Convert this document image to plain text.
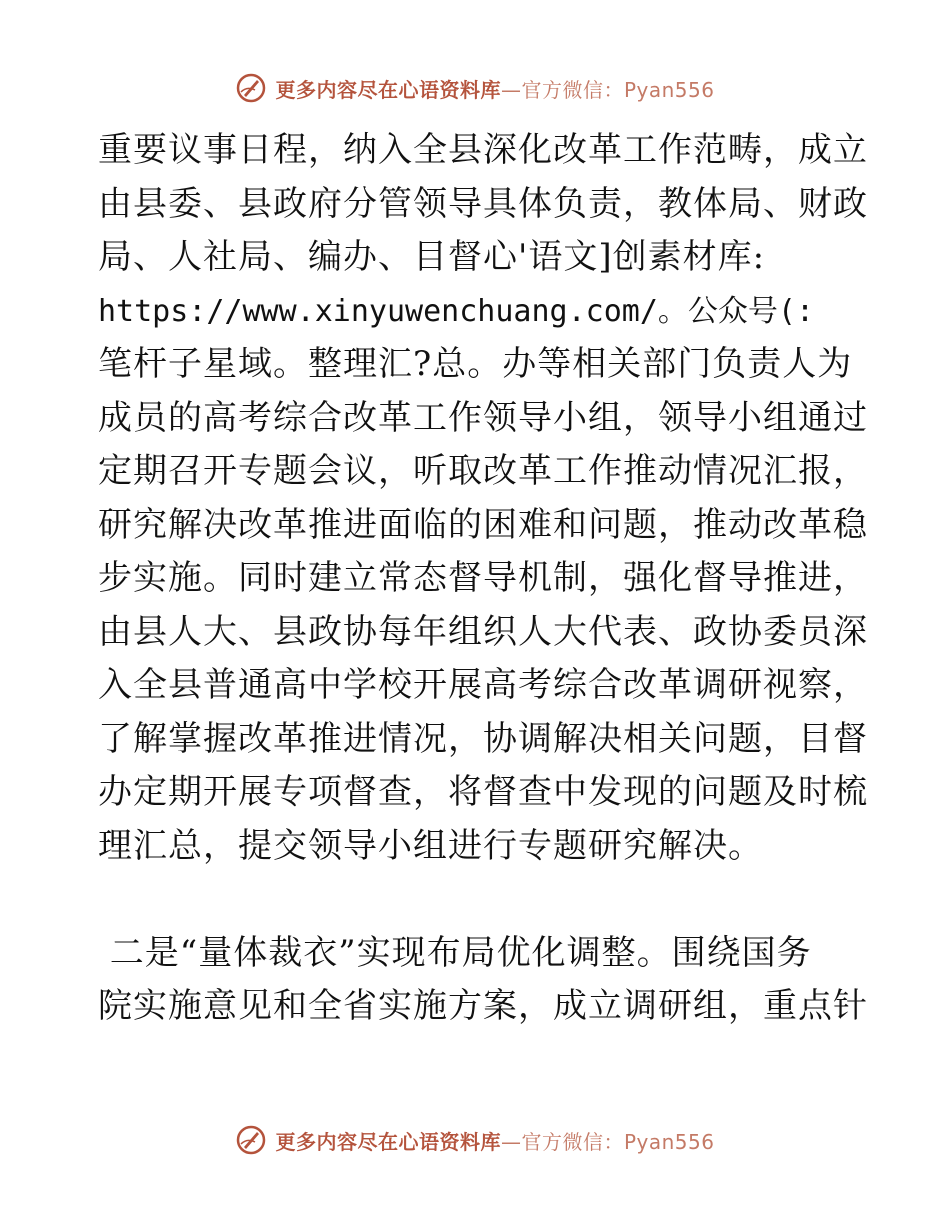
更多内容尽在心语资料库—官方微信：Pyan556
重要议事日程，纳入全县深化改革工作范畴，成立
由县委、县政府分管领导具体负责，教体局、财政
局、人社局、编办、目督心'语文]创素材库:
https://www.xinyuwenchuang.com/。公众号(:
笔杆子星域。整理汇?总。办等相关部门负责人为
成员的高考综合改革工作领导小组，领导小组通过
定期召开专题会议，听取改革工作推动情况汇报，
研究解决改革推进面临的困难和问题，推动改革稳
步实施。同时建立常态督导机制，强化督导推进，
由县人大、县政协每年组织人大代表、政协委员深
入全县普通高中学校开展高考综合改革调研视察，
了解掌握改革推进情况，协调解决相关问题，目督
办定期开展专项督查，将督查中发现的问题及时梳
理汇总，提交领导小组进行专题研究解决。
二是“量体裁衣”实现布局优化调整。围绕国务
院实施意见和全省实施方案，成立调研组，重点针
更多内容尽在心语资料库—官方微信：Pyan556
